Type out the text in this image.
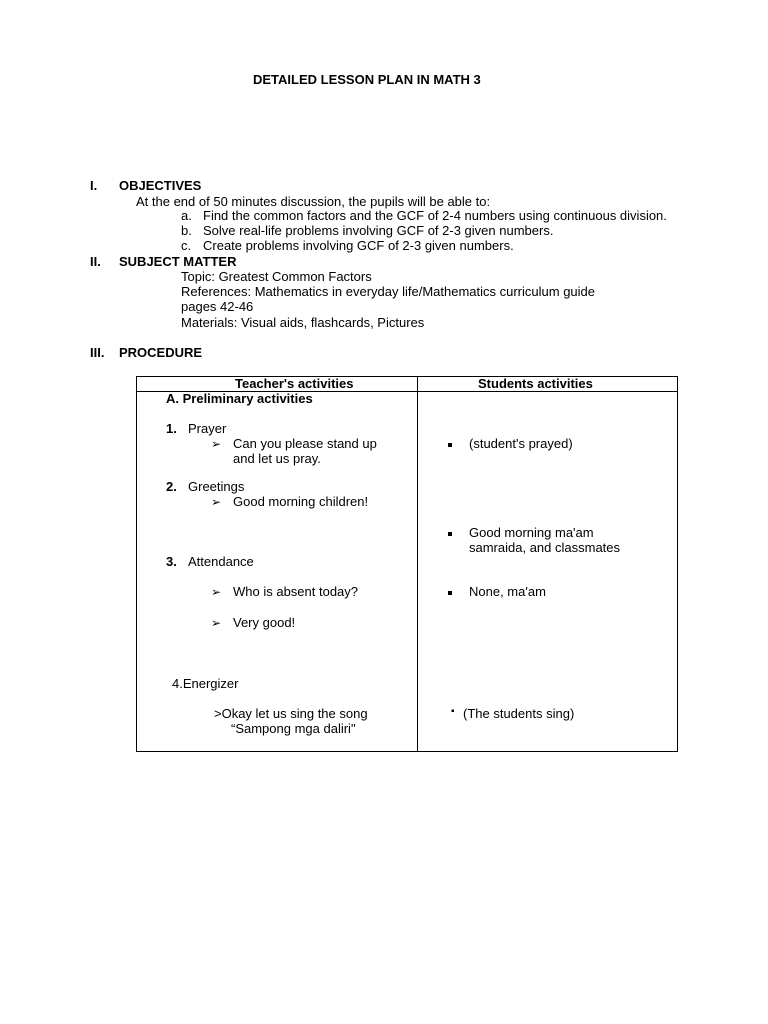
DETAILED LESSON PLAN IN MATH 3
I. OBJECTIVES
At the end of 50 minutes discussion, the pupils will be able to:
a. Find the common factors and the GCF of 2-4 numbers using continuous division.
b. Solve real-life problems involving GCF of 2-3 given numbers.
c. Create problems involving GCF of 2-3 given numbers.
II. SUBJECT MATTER
Topic: Greatest Common Factors
References: Mathematics in everyday life/Mathematics curriculum guide
pages 42-46
Materials: Visual aids, flashcards, Pictures
III. PROCEDURE
Teacher's activities	Students activities
A. Preliminary activities
1. Prayer
➢ Can you please stand up
and let us pray.
(student's prayed)
2. Greetings
➢ Good morning children!
Good morning ma'am
samraida, and classmates
3. Attendance
➢ Who is absent today?	None, ma'am
➢ Very good!
4.Energizer
>Okay let us sing the song
“Sampong mga daliri"
▪ (The students sing)
